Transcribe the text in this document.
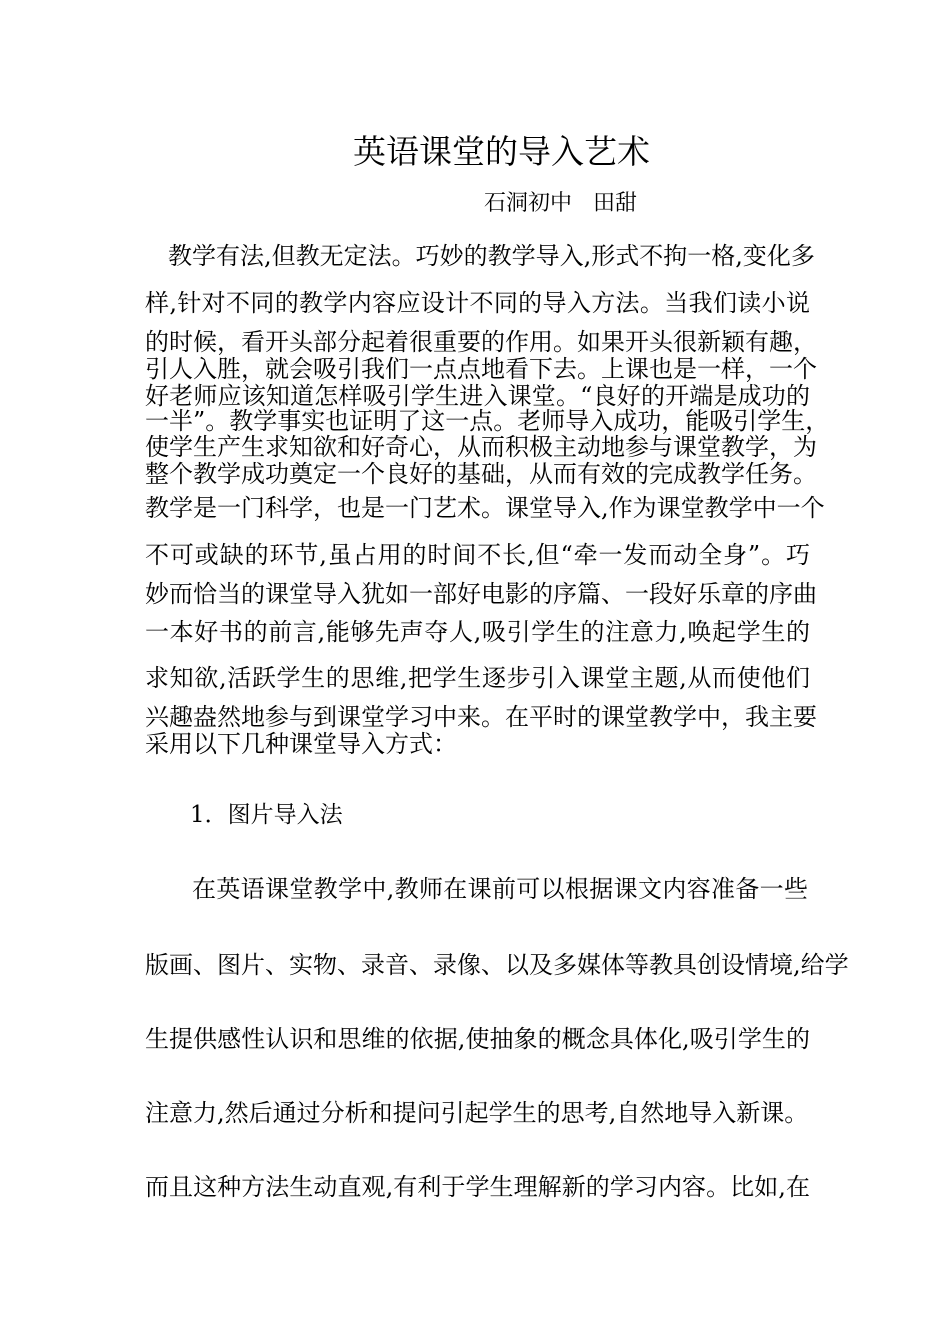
英语课堂的导入艺术
石洞初中   田甜
教学有法,但教无定法。巧妙的教学导入,形式不拘一格,变化多
样,针对不同的教学内容应设计不同的导入方法。当我们读小说
的时候，看开头部分起着很重要的作用。如果开头很新颖有趣，
引人入胜，就会吸引我们一点点地看下去。上课也是一样，一个
好老师应该知道怎样吸引学生进入课堂。“良好的开端是成功的
一半”。教学事实也证明了这一点。老师导入成功，能吸引学生，
使学生产生求知欲和好奇心，从而积极主动地参与课堂教学，为
整个教学成功奠定一个良好的基础，从而有效的完成教学任务。
教学是一门科学，也是一门艺术。课堂导入,作为课堂教学中一个
不可或缺的环节,虽占用的时间不长,但“牵一发而动全身”。巧
妙而恰当的课堂导入犹如一部好电影的序篇、一段好乐章的序曲
一本好书的前言,能够先声夺人,吸引学生的注意力,唤起学生的
求知欲,活跃学生的思维,把学生逐步引入课堂主题,从而使他们
兴趣盎然地参与到课堂学习中来。在平时的课堂教学中，我主要
采用以下几种课堂导入方式：
1．图片导入法
在英语课堂教学中,教师在课前可以根据课文内容准备一些
版画、图片、实物、录音、录像、以及多媒体等教具创设情境,给学
生提供感性认识和思维的依据,使抽象的概念具体化,吸引学生的
注意力,然后通过分析和提问引起学生的思考,自然地导入新课。
而且这种方法生动直观,有利于学生理解新的学习内容。比如,在
